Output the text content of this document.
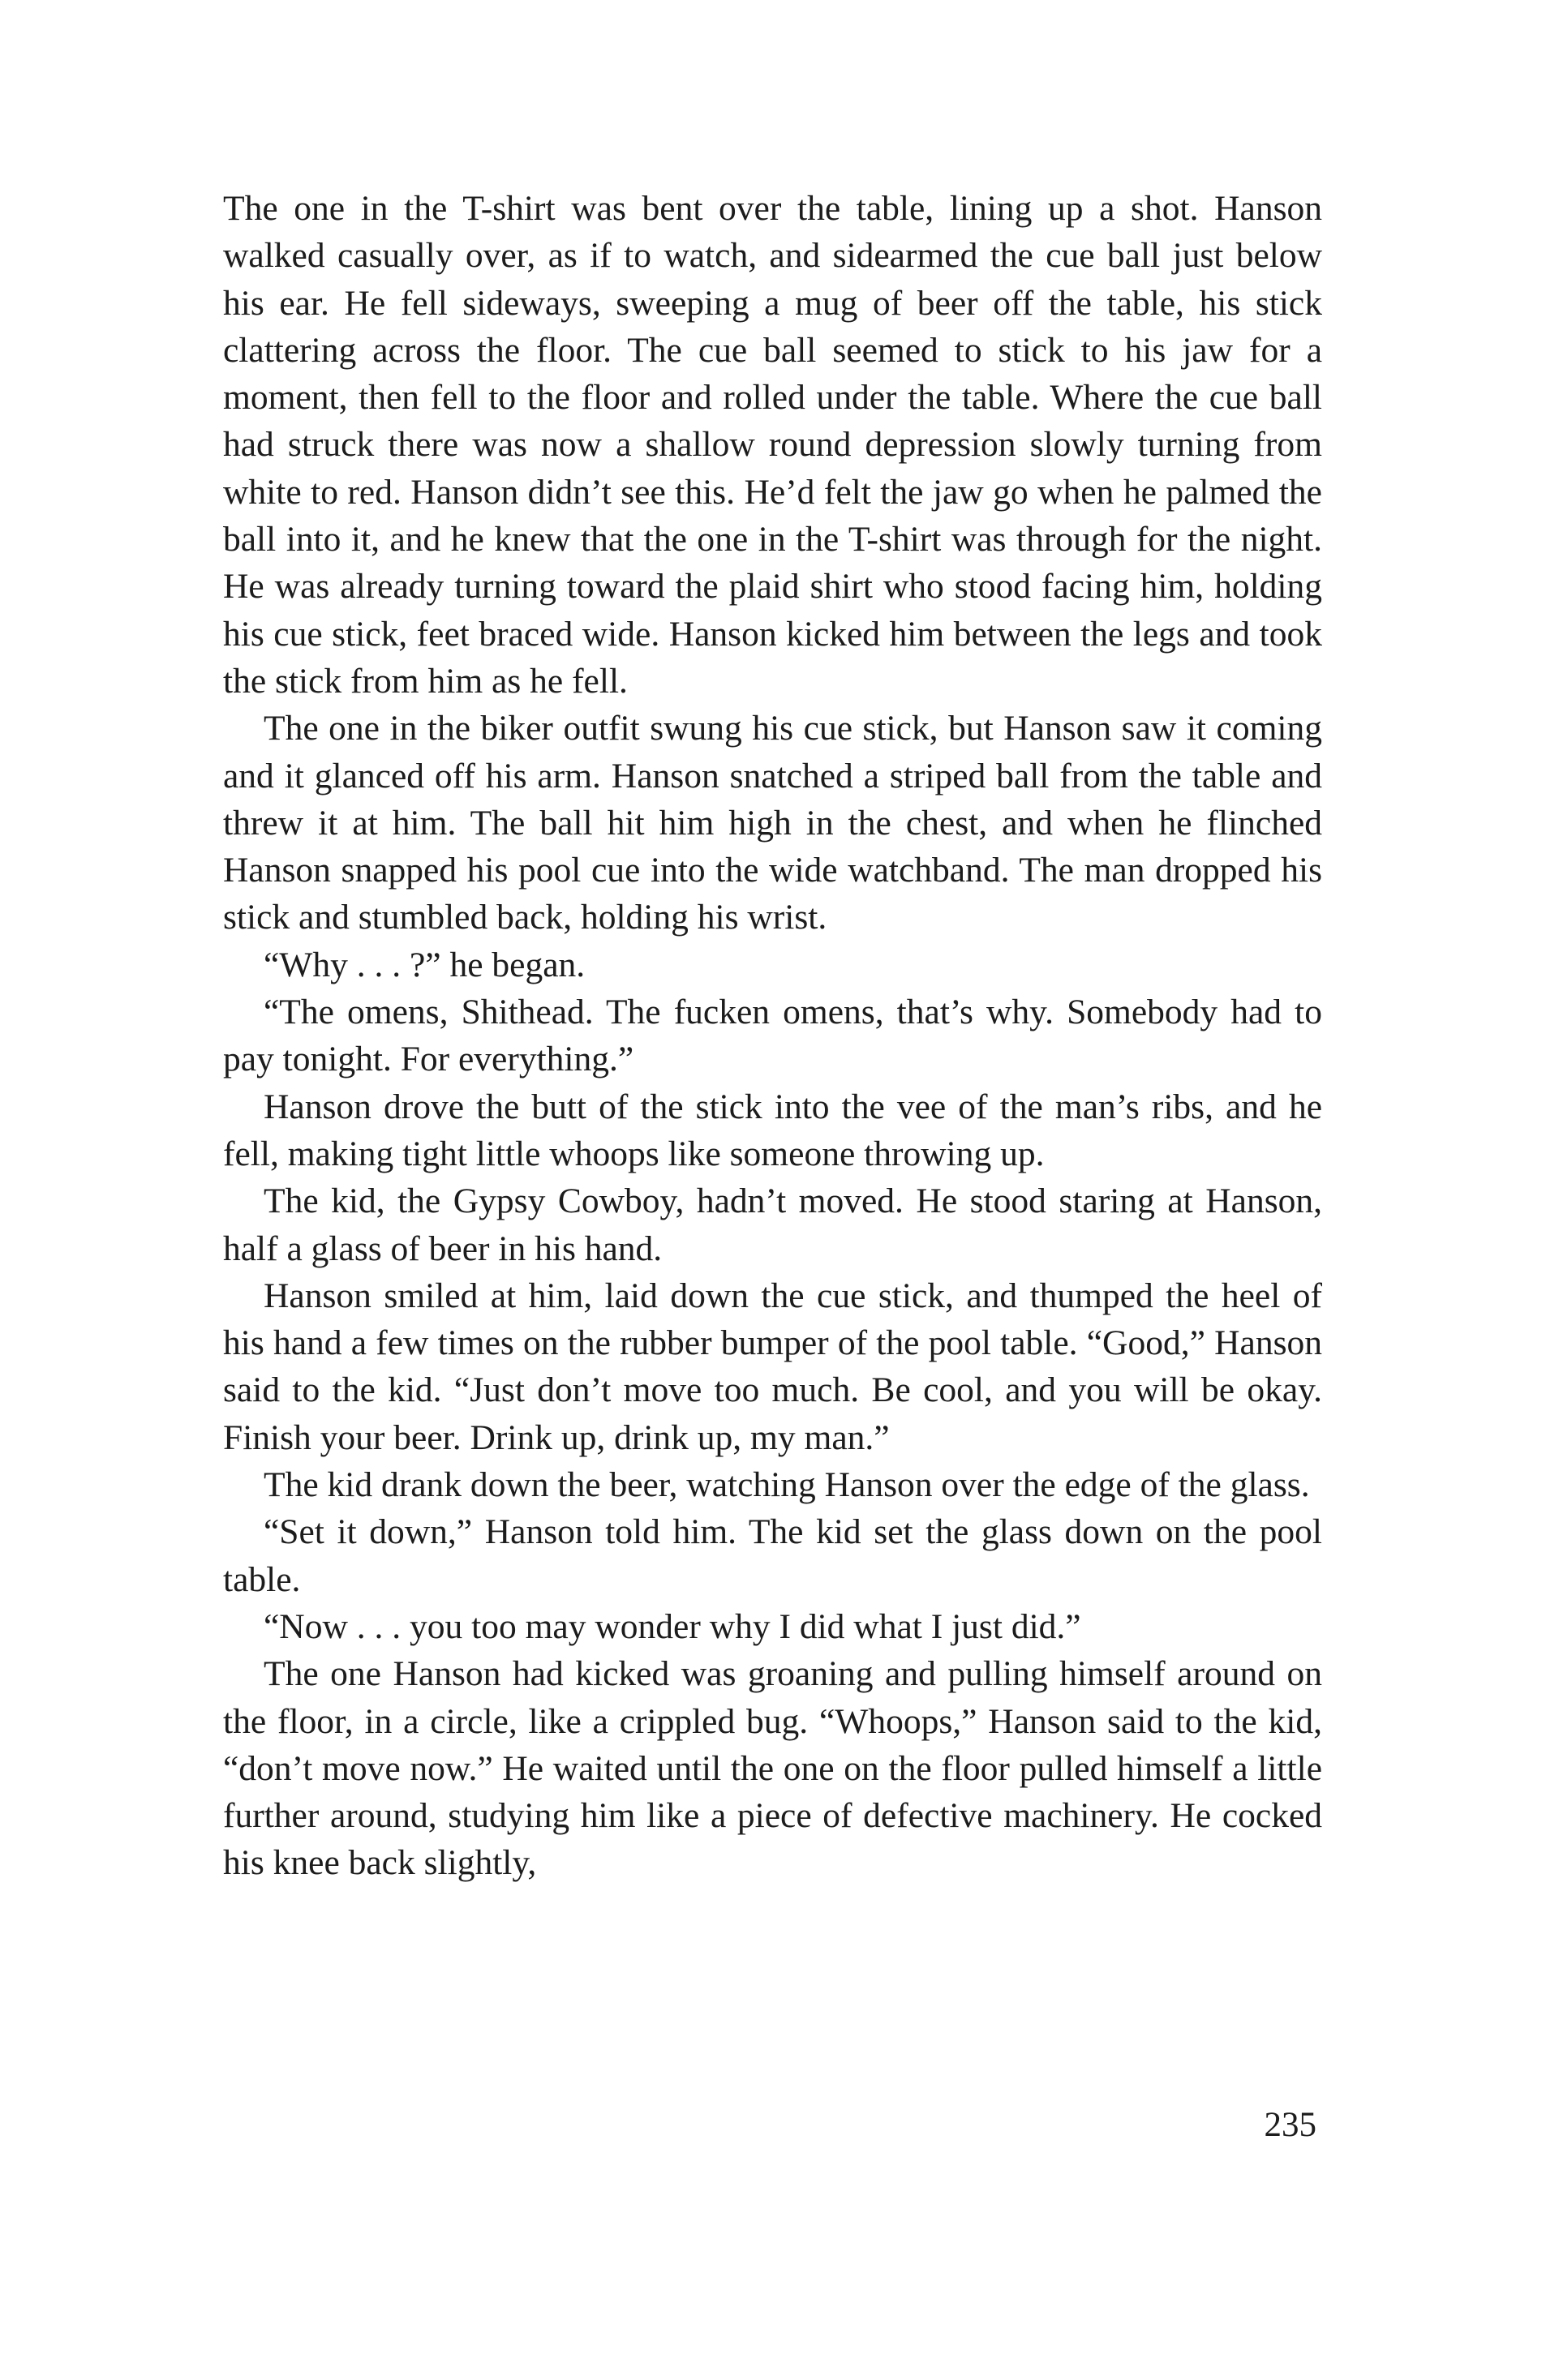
The one in the T-shirt was bent over the table, lining up a shot. Hanson walked casually over, as if to watch, and sidearmed the cue ball just below his ear. He fell sideways, sweeping a mug of beer off the table, his stick clattering across the floor. The cue ball seemed to stick to his jaw for a moment, then fell to the floor and rolled under the table. Where the cue ball had struck there was now a shallow round depression slowly turning from white to red. Hanson didn’t see this. He’d felt the jaw go when he palmed the ball into it, and he knew that the one in the T-shirt was through for the night. He was already turning toward the plaid shirt who stood facing him, holding his cue stick, feet braced wide. Hanson kicked him between the legs and took the stick from him as he fell.

The one in the biker outfit swung his cue stick, but Hanson saw it coming and it glanced off his arm. Hanson snatched a striped ball from the table and threw it at him. The ball hit him high in the chest, and when he flinched Hanson snapped his pool cue into the wide watchband. The man dropped his stick and stumbled back, holding his wrist.

“Why . . . ?” he began.

“The omens, Shithead. The fucken omens, that’s why. Somebody had to pay tonight. For everything.”

Hanson drove the butt of the stick into the vee of the man’s ribs, and he fell, making tight little whoops like someone throwing up.

The kid, the Gypsy Cowboy, hadn’t moved. He stood staring at Hanson, half a glass of beer in his hand.

Hanson smiled at him, laid down the cue stick, and thumped the heel of his hand a few times on the rubber bumper of the pool table. “Good,” Hanson said to the kid. “Just don’t move too much. Be cool, and you will be okay. Finish your beer. Drink up, drink up, my man.”

The kid drank down the beer, watching Hanson over the edge of the glass.

“Set it down,” Hanson told him. The kid set the glass down on the pool table.

“Now . . . you too may wonder why I did what I just did.”

The one Hanson had kicked was groaning and pulling himself around on the floor, in a circle, like a crippled bug. “Whoops,” Hanson said to the kid, “don’t move now.” He waited until the one on the floor pulled himself a little further around, studying him like a piece of defective machinery. He cocked his knee back slightly,

235
